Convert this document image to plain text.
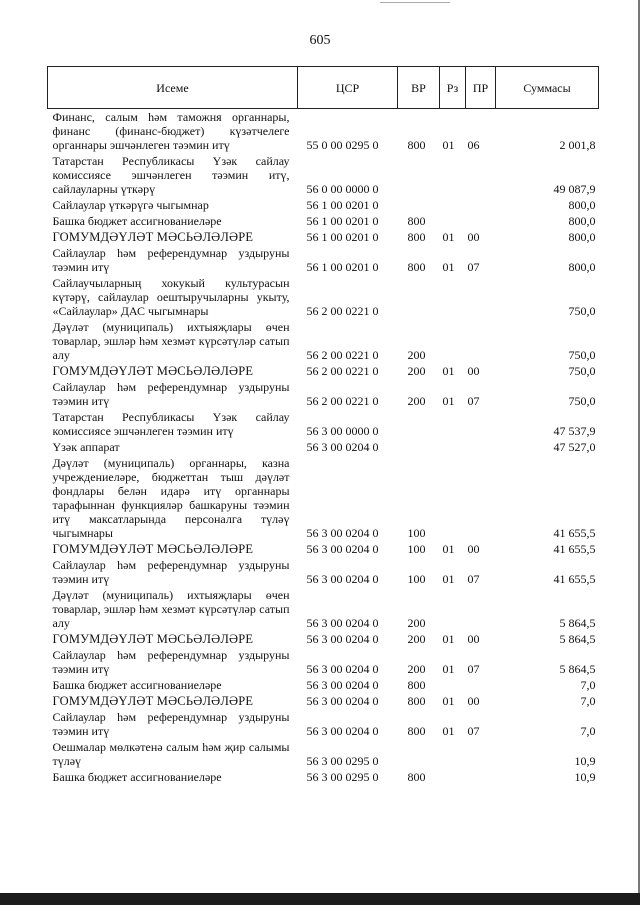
605
Исеме	ЦСР	ВР	Рз	ПР	Суммасы
Финанс, салым һәм таможня органнары, финанс (финанс-бюджет) күзәтчелеге органнары эшчәнлеген тәэмин итү	55 0 00 0295 0	800	01	06	2 001,8
Татарстан Республикасы Үзәк сайлау комиссиясе эшчәнлеген тәэмин итү, сайлауларны үткәрү	56 0 00 0000 0				49 087,9
Сайлаулар үткәрүгә чыгымнар	56 1 00 0201 0				800,0
Башка бюджет ассигнованиеләре	56 1 00 0201 0	800			800,0
ГОМУМДӘҮЛӘТ МӘСЬӘЛӘЛӘРЕ	56 1 00 0201 0	800	01	00	800,0
Сайлаулар һәм референдумнар уздыруны тәэмин итү	56 1 00 0201 0	800	01	07	800,0
Сайлаучыларның хокукый культурасын күтәрү, сайлаулар оештыручыларны укыту, «Сайлаулар» ДАС чыгымнары	56 2 00 0221 0				750,0
Дәүләт (муниципаль) ихтыяҗлары өчен товарлар, эшләр һәм хезмәт күрсәтүләр сатып алу	56 2 00 0221 0	200			750,0
ГОМУМДӘҮЛӘТ МӘСЬӘЛӘЛӘРЕ	56 2 00 0221 0	200	01	00	750,0
Сайлаулар һәм референдумнар уздыруны тәэмин итү	56 2 00 0221 0	200	01	07	750,0
Татарстан Республикасы Үзәк сайлау комиссиясе эшчәнлеген тәэмин итү	56 3 00 0000 0				47 537,9
Үзәк аппарат	56 3 00 0204 0				47 527,0
Дәүләт (муниципаль) органнары, казна учреждениеләре, бюджеттан тыш дәүләт фондлары белән идарә итү органнары тарафыннан функцияләр башкаруны тәэмин итү максатларында персоналга түләү чыгымнары	56 3 00 0204 0	100			41 655,5
ГОМУМДӘҮЛӘТ МӘСЬӘЛӘЛӘРЕ	56 3 00 0204 0	100	01	00	41 655,5
Сайлаулар һәм референдумнар уздыруны тәэмин итү	56 3 00 0204 0	100	01	07	41 655,5
Дәүләт (муниципаль) ихтыяҗлары өчен товарлар, эшләр һәм хезмәт күрсәтүләр сатып алу	56 3 00 0204 0	200			5 864,5
ГОМУМДӘҮЛӘТ МӘСЬӘЛӘЛӘРЕ	56 3 00 0204 0	200	01	00	5 864,5
Сайлаулар һәм референдумнар уздыруны тәэмин итү	56 3 00 0204 0	200	01	07	5 864,5
Башка бюджет ассигнованиеләре	56 3 00 0204 0	800			7,0
ГОМУМДӘҮЛӘТ МӘСЬӘЛӘЛӘРЕ	56 3 00 0204 0	800	01	00	7,0
Сайлаулар һәм референдумнар уздыруны тәэмин итү	56 3 00 0204 0	800	01	07	7,0
Оешмалар мөлкәтенә салым һәм җир салымы түләү	56 3 00 0295 0				10,9
Башка бюджет ассигнованиеләре	56 3 00 0295 0	800			10,9
